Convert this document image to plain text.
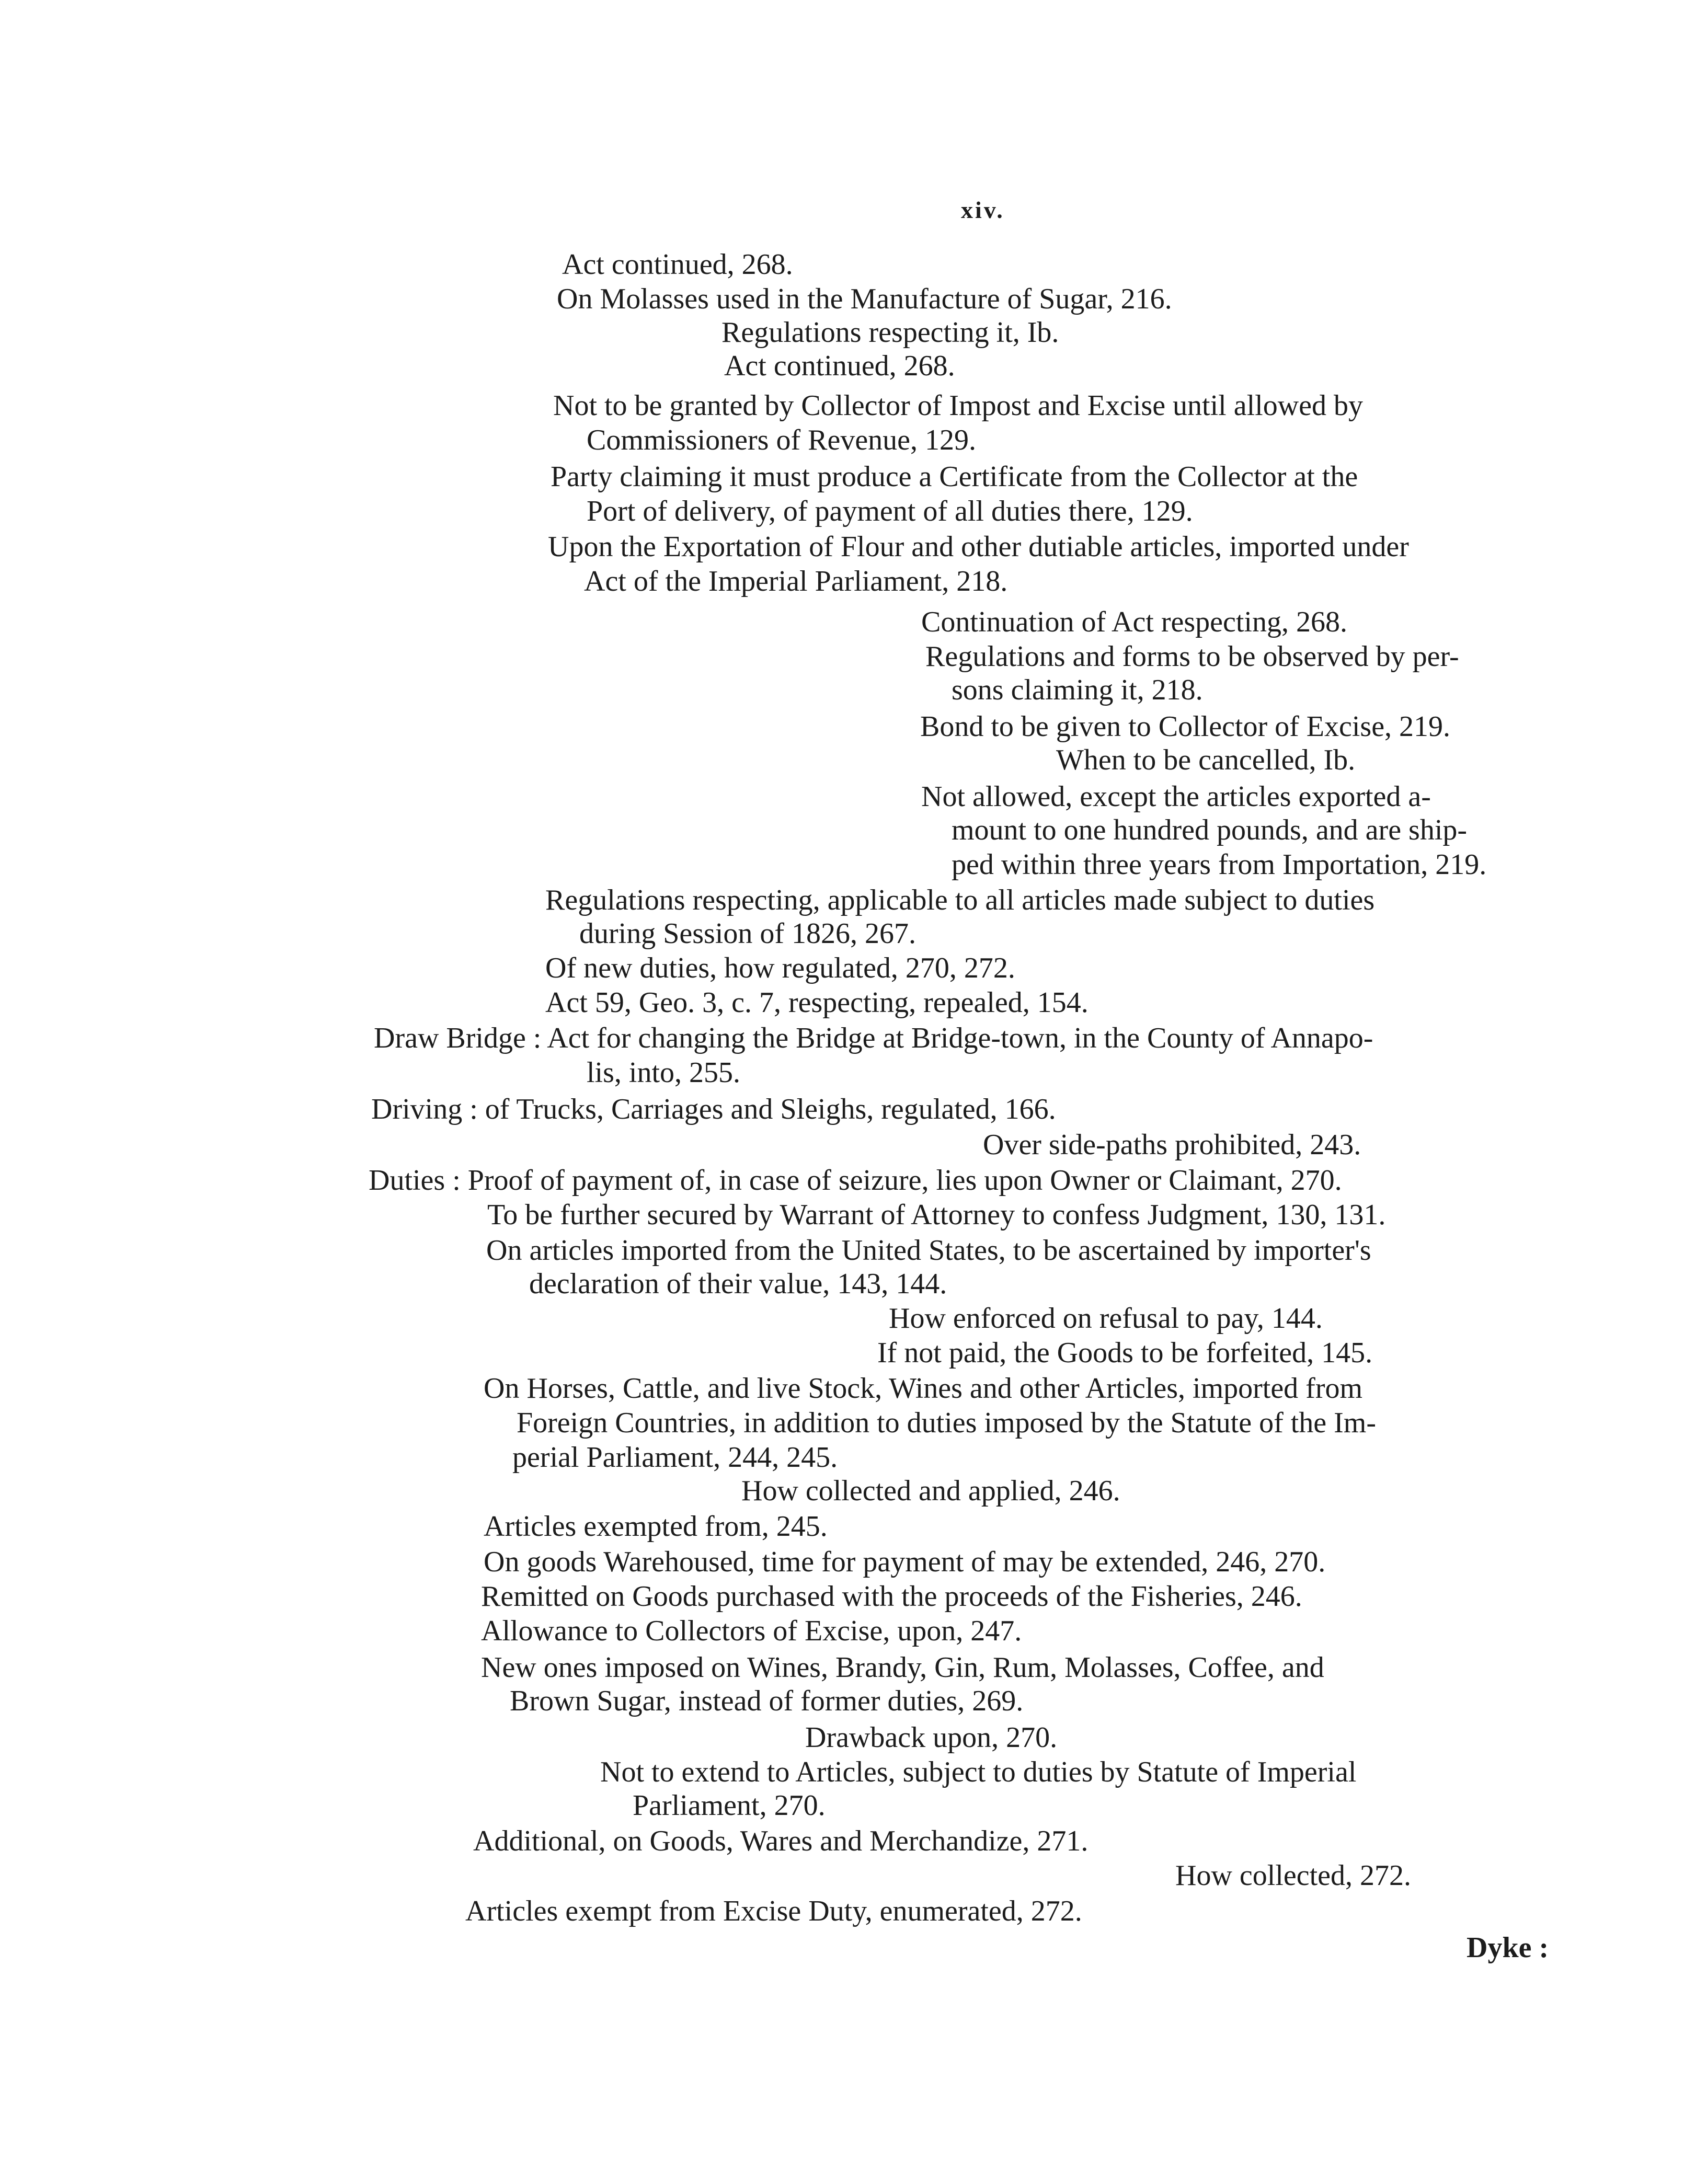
xiv.
Act continued, 268.
On Molasses used in the Manufacture of Sugar, 216.
Regulations respecting it, Ib.
Act continued, 268.
Not to be granted by Collector of Impost and Excise until allowed by
Commissioners of Revenue, 129.
Party claiming it must produce a Certificate from the Collector at the
Port of delivery, of payment of all duties there, 129.
Upon the Exportation of Flour and other dutiable articles, imported under
Act of the Imperial Parliament, 218.
Continuation of Act respecting, 268.
Regulations and forms to be observed by per-
sons claiming it, 218.
Bond to be given to Collector of Excise, 219.
When to be cancelled, Ib.
Not allowed, except the articles exported a-
mount to one hundred pounds, and are ship-
ped within three years from Importation, 219.
Regulations respecting, applicable to all articles made subject to duties
during Session of 1826, 267.
Of new duties, how regulated, 270, 272.
Act 59, Geo. 3, c. 7, respecting, repealed, 154.
Draw Bridge : Act for changing the Bridge at Bridge-town, in the County of Annapo-
lis, into, 255.
Driving : of Trucks, Carriages and Sleighs, regulated, 166.
Over side-paths prohibited, 243.
Duties : Proof of payment of, in case of seizure, lies upon Owner or Claimant, 270.
To be further secured by Warrant of Attorney to confess Judgment, 130, 131.
On articles imported from the United States, to be ascertained by importer's
declaration of their value, 143, 144.
How enforced on refusal to pay, 144.
If not paid, the Goods to be forfeited, 145.
On Horses, Cattle, and live Stock, Wines and other Articles, imported from
Foreign Countries, in addition to duties imposed by the Statute of the Im-
perial Parliament, 244, 245.
How collected and applied, 246.
Articles exempted from, 245.
On goods Warehoused, time for payment of may be extended, 246, 270.
Remitted on Goods purchased with the proceeds of the Fisheries, 246.
Allowance to Collectors of Excise, upon, 247.
New ones imposed on Wines, Brandy, Gin, Rum, Molasses, Coffee, and
Brown Sugar, instead of former duties, 269.
Drawback upon, 270.
Not to extend to Articles, subject to duties by Statute of Imperial
Parliament, 270.
Additional, on Goods, Wares and Merchandize, 271.
How collected, 272.
Articles exempt from Excise Duty, enumerated, 272.
Dyke :
